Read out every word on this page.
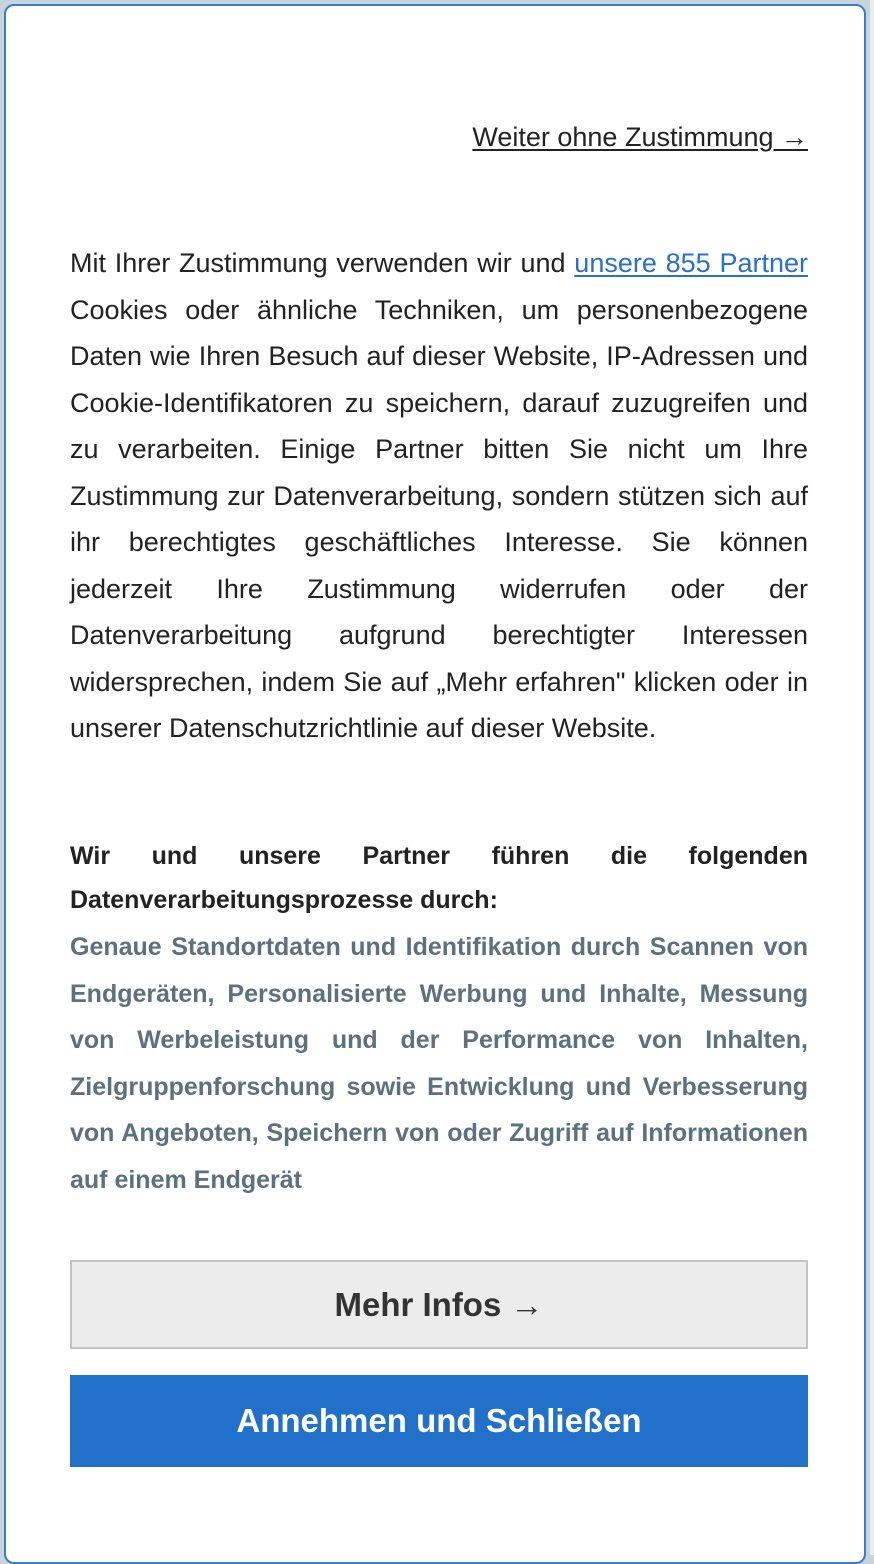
Weiter ohne Zustimmung →

Mit Ihrer Zustimmung verwenden wir und unsere 855 Partner Cookies oder ähnliche Techniken, um personenbezogene Daten wie Ihren Besuch auf dieser Website, IP-Adressen und Cookie-Identifikatoren zu speichern, darauf zuzugreifen und zu verarbeiten. Einige Partner bitten Sie nicht um Ihre Zustimmung zur Datenverarbeitung, sondern stützen sich auf ihr berechtigtes geschäftliches Interesse. Sie können jederzeit Ihre Zustimmung widerrufen oder der Datenverarbeitung aufgrund berechtigter Interessen widersprechen, indem Sie auf „Mehr erfahren" klicken oder in unserer Datenschutzrichtlinie auf dieser Website.

Wir und unsere Partner führen die folgenden Datenverarbeitungsprozesse durch:

Genaue Standortdaten und Identifikation durch Scannen von Endgeräten, Personalisierte Werbung und Inhalte, Messung von Werbeleistung und der Performance von Inhalten, Zielgruppenforschung sowie Entwicklung und Verbesserung von Angeboten, Speichern von oder Zugriff auf Informationen auf einem Endgerät

Mehr Infos →
Annehmen und Schließen
